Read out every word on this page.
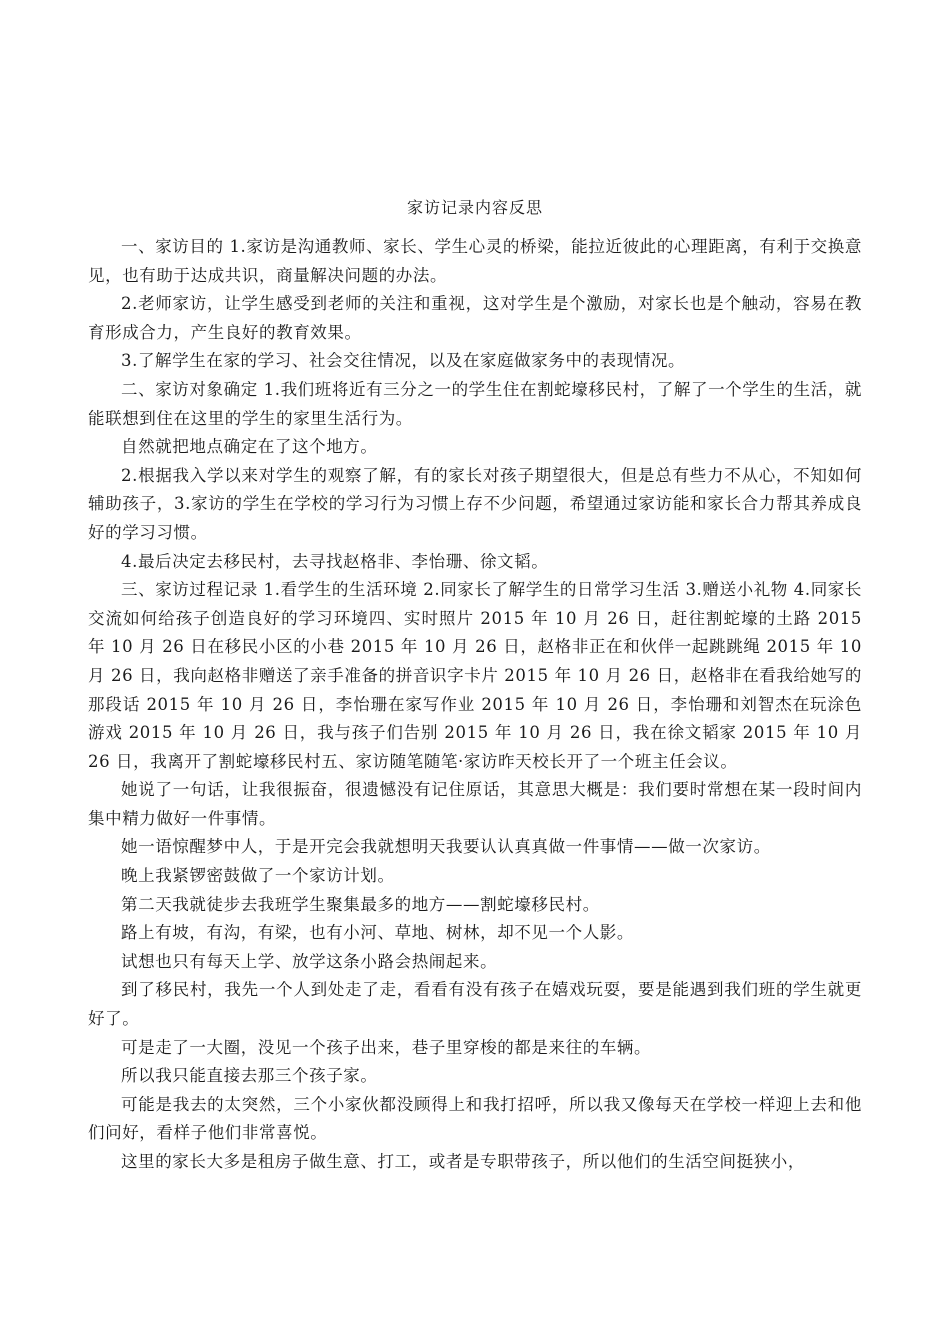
家访记录内容反思

一、家访目的 1.家访是沟通教师、家长、学生心灵的桥梁，能拉近彼此的心理距离，有利于交换意见，也有助于达成共识，商量解决问题的办法。

2.老师家访，让学生感受到老师的关注和重视，这对学生是个激励，对家长也是个触动，容易在教育形成合力，产生良好的教育效果。

3.了解学生在家的学习、社会交往情况，以及在家庭做家务中的表现情况。

二、家访对象确定 1.我们班将近有三分之一的学生住在割蛇壕移民村，了解了一个学生的生活，就能联想到住在这里的学生的家里生活行为。

自然就把地点确定在了这个地方。

2.根据我入学以来对学生的观察了解，有的家长对孩子期望很大，但是总有些力不从心，不知如何辅助孩子，3.家访的学生在学校的学习行为习惯上存不少问题，希望通过家访能和家长合力帮其养成良好的学习习惯。

4.最后决定去移民村，去寻找赵格非、李怡珊、徐文韬。

三、家访过程记录 1.看学生的生活环境 2.同家长了解学生的日常学习生活 3.赠送小礼物 4.同家长交流如何给孩子创造良好的学习环境四、实时照片 2015 年 10 月 26 日，赶往割蛇壕的土路 2015 年 10 月 26 日在移民小区的小巷 2015 年 10 月 26 日，赵格非正在和伙伴一起跳跳绳 2015 年 10 月 26 日，我向赵格非赠送了亲手准备的拼音识字卡片 2015 年 10 月 26 日，赵格非在看我给她写的那段话 2015 年 10 月 26 日，李怡珊在家写作业 2015 年 10 月 26 日，李怡珊和刘智杰在玩涂色游戏 2015 年 10 月 26 日，我与孩子们告别 2015 年 10 月 26 日，我在徐文韬家 2015 年 10 月 26 日，我离开了割蛇壕移民村五、家访随笔随笔·家访昨天校长开了一个班主任会议。

她说了一句话，让我很振奋，很遗憾没有记住原话，其意思大概是：我们要时常想在某一段时间内集中精力做好一件事情。

她一语惊醒梦中人，于是开完会我就想明天我要认认真真做一件事情——做一次家访。

晚上我紧锣密鼓做了一个家访计划。

第二天我就徒步去我班学生聚集最多的地方——割蛇壕移民村。

路上有坡，有沟，有梁，也有小河、草地、树林，却不见一个人影。

试想也只有每天上学、放学这条小路会热闹起来。

到了移民村，我先一个人到处走了走，看看有没有孩子在嬉戏玩耍，要是能遇到我们班的学生就更好了。

可是走了一大圈，没见一个孩子出来，巷子里穿梭的都是来往的车辆。

所以我只能直接去那三个孩子家。

可能是我去的太突然，三个小家伙都没顾得上和我打招呼，所以我又像每天在学校一样迎上去和他们问好，看样子他们非常喜悦。

这里的家长大多是租房子做生意、打工，或者是专职带孩子，所以他们的生活空间挺狭小，
